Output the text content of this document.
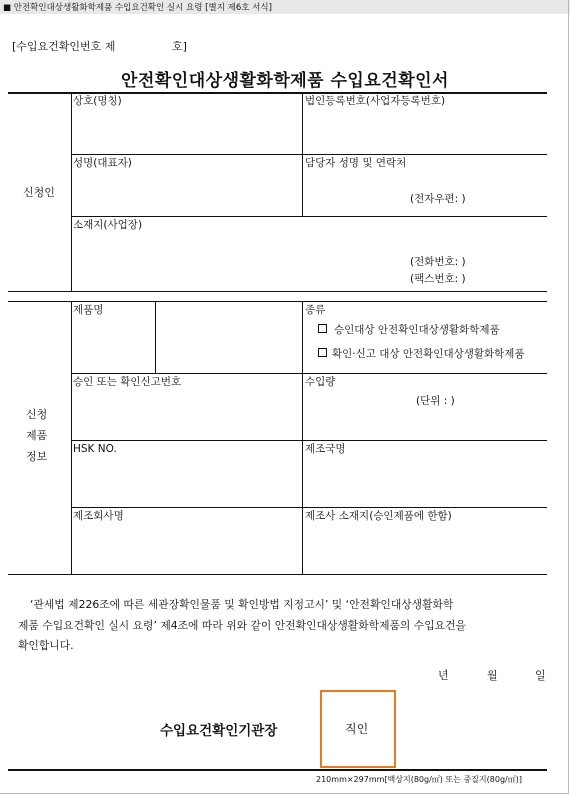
■ 안전확인대상생활화학제품 수입요건확인 실시 요령 [별지 제6호 서식]
[수입요건확인번호 제	호]
안전확인대상생활화학제품 수입요건확인서
신청인
상호(명칭)	법인등록번호(사업자등록번호)
성명(대표자)	담당자 성명 및 연락처
(전자우편: )
소재지(사업장)
(전화번호: )
(팩스번호: )
신청
제품
정보
제품명	종류
승인대상 안전확인대상생활화학제품
확인·신고 대상 안전확인대상생활화학제품
승인 또는 확인신고번호	수입량
(단위 : )
HSK NO.	제조국명
제조회사명	제조사 소재지(승인제품에 한함)
‘관세법 제226조에 따른 세관장확인물품 및 확인방법 지정고시’ 및 ‘안전확인대상생활화학
제품 수입요건확인 실시 요령’ 제4조에 따라 위와 같이 안전확인대상생활화학제품의 수입요건을
확인합니다.
년	월	일
수입요건확인기관장	직인
210mm×297mm[백상지(80g/㎡) 또는 중질지(80g/㎡)]
